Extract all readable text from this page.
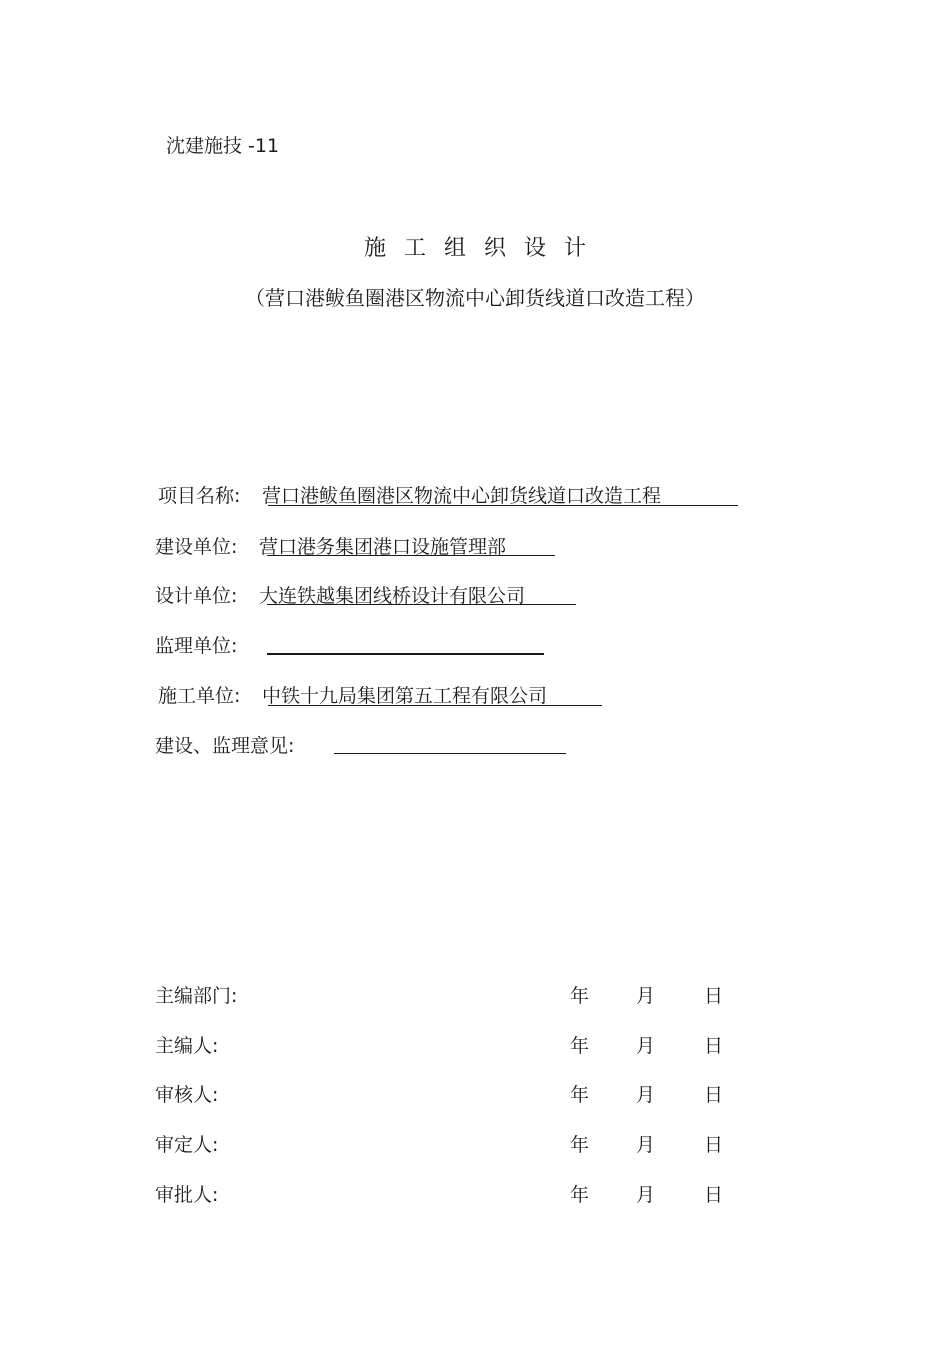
沈建施技 -11
施工组织设计
（营口港鲅鱼圈港区物流中心卸货线道口改造工程）
项目名称: 营口港鲅鱼圈港区物流中心卸货线道口改造工程
建设单位: 营口港务集团港口设施管理部
设计单位: 大连铁越集团线桥设计有限公司
监理单位:
施工单位: 中铁十九局集团第五工程有限公司
建设、监理意见:
主编部门:	年 月	日
主编人:	年 月	日
审核人:	年 月	日
审定人:	年 月	日
审批人:	年 月	日
